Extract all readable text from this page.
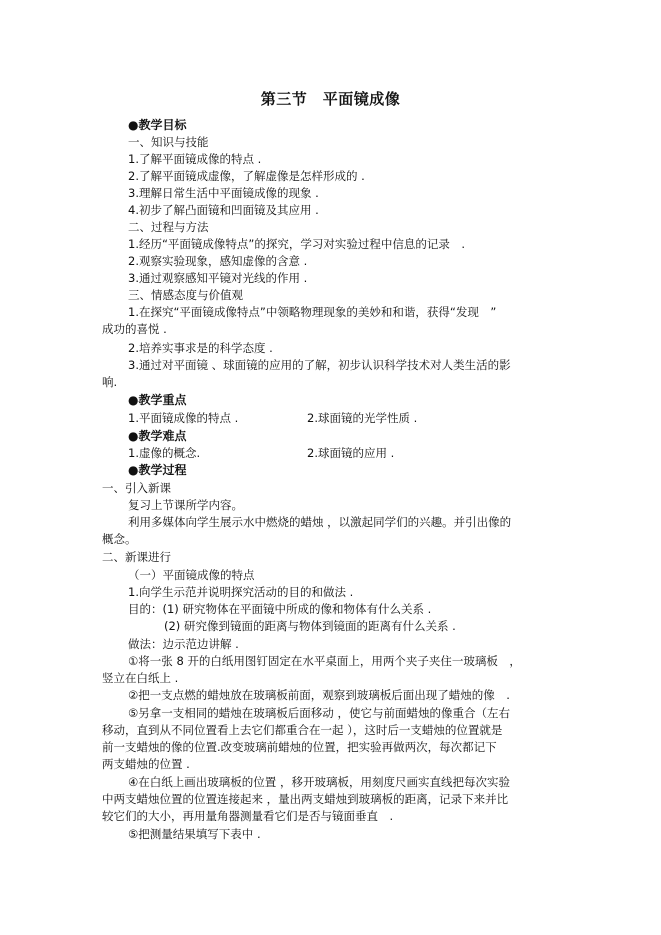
第三节　平面镜成像
●教学目标
一、知识与技能
1.了解平面镜成像的特点 .
2.了解平面镜成虚像，了解虚像是怎样形成的 .
3.理解日常生活中平面镜成像的现象 .
4.初步了解凸面镜和凹面镜及其应用 .
二、过程与方法
1.经历“平面镜成像特点”的探究，学习对实验过程中信息的记录　.
2.观察实验现象，感知虚像的含意 .
3.通过观察感知平镜对光线的作用 .
三、情感态度与价值观
1.在探究“平面镜成像特点”中领略物理现象的美妙和和谐，获得“发现　”
成功的喜悦 .
2.培养实事求是的科学态度 .
3.通过对平面镜 、球面镜的应用的了解，初步认识科学技术对人类生活的影
响.
●教学重点
1.平面镜成像的特点 .	2.球面镜的光学性质 .
●教学难点
1.虚像的概念.	2.球面镜的应用 .
●教学过程
一、引入新课
复习上节课所学内容。
利用多媒体向学生展示水中燃烧的蜡烛 ，以激起同学们的兴趣。并引出像的
概念。
二、新课进行
（一）平面镜成像的特点
1.向学生示范并说明探究活动的目的和做法 .
目的：(1) 研究物体在平面镜中所成的像和物体有什么关系 .
(2) 研究像到镜面的距离与物体到镜面的距离有什么关系 .
做法：边示范边讲解 .
①将一张 8 开的白纸用图钉固定在水平桌面上，用两个夹子夹住一玻璃板　，
竖立在白纸上 .
②把一支点燃的蜡烛放在玻璃板前面，观察到玻璃板后面出现了蜡烛的像　.
⑤另拿一支相同的蜡烛在玻璃板后面移动 ，使它与前面蜡烛的像重合（左右
移动，直到从不同位置看上去它们都重合在一起 ），这时后一支蜡烛的位置就是
前一支蜡烛的像的位置.改变玻璃前蜡烛的位置，把实验再做两次，每次都记下
两支蜡烛的位置 .
④在白纸上画出玻璃板的位置 ，移开玻璃板，用刻度尺画实直线把每次实验
中两支蜡烛位置的位置连接起来 ，量出两支蜡烛到玻璃板的距离，记录下来并比
较它们的大小，再用量角器测量看它们是否与镜面垂直　.
⑤把测量结果填写下表中 .
